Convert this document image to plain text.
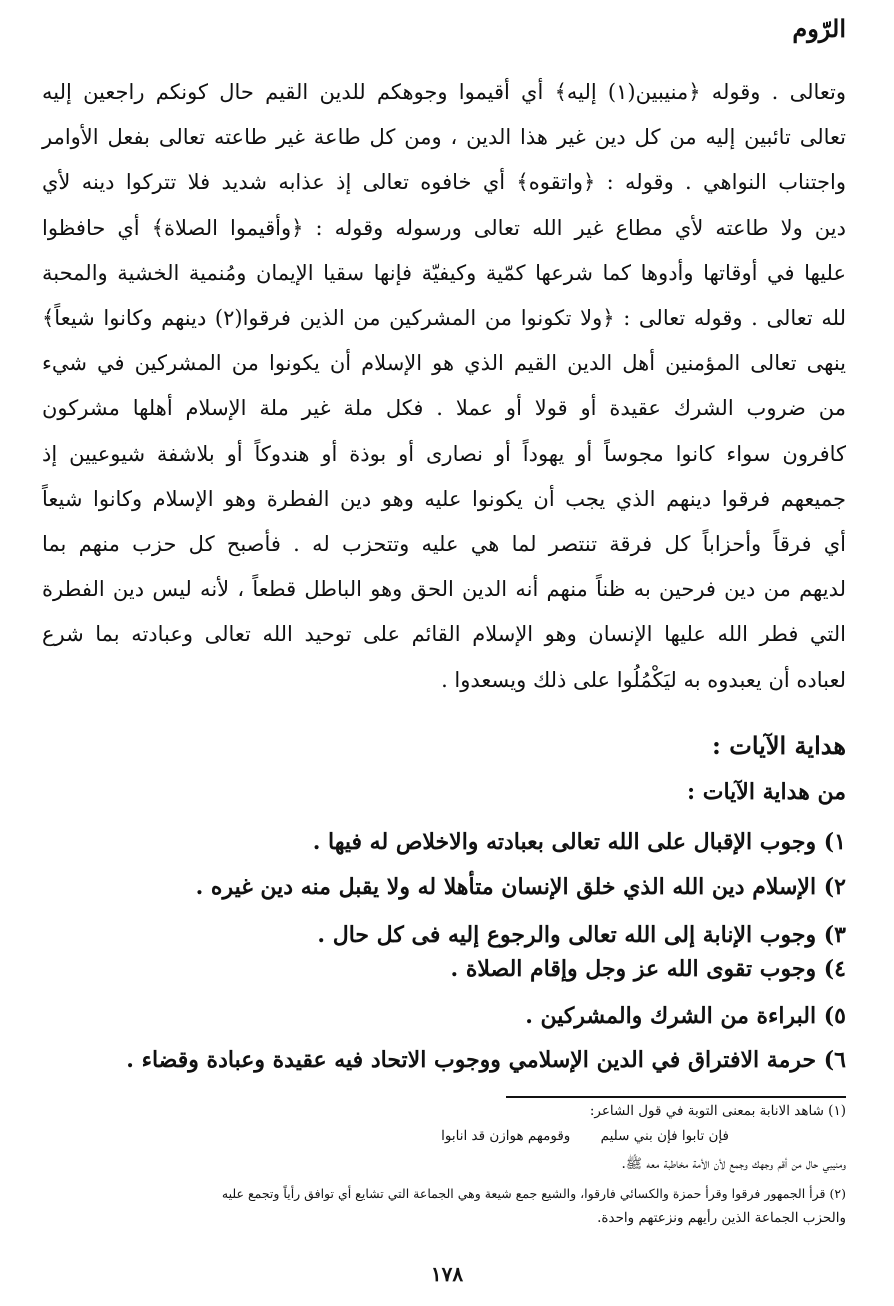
الرّوم
وتعالى . وقوله ﴿منيبين(١) إليه﴾ أي أقيموا وجوهكم للدين القيم حال كونكم راجعين إليه
تعالى تائبين إليه من كل دين غير هذا الدين ، ومن كل طاعة غير طاعته تعالى بفعل الأوامر
واجتناب النواهي . وقوله : ﴿واتقوه﴾ أي خافوه تعالى إذ عذابه شديد فلا تتركوا دينه لأي
دين ولا طاعته لأي مطاع غير الله تعالى ورسوله وقوله : ﴿وأقيموا الصلاة﴾ أي حافظوا
عليها في أوقاتها وأدوها كما شرعها كمّية وكيفيّة فإنها سقيا الإيمان ومُنمية الخشية والمحبة
لله تعالى . وقوله تعالى : ﴿ولا تكونوا من المشركين من الذين فرقوا(٢) دينهم وكانوا شيعاً﴾
ينهى تعالى المؤمنين أهل الدين القيم الذي هو الإسلام أن يكونوا من المشركين في شيء
من ضروب الشرك عقيدة أو قولا أو عملا . فكل ملة غير ملة الإسلام أهلها مشركون
كافرون سواء كانوا مجوساً أو يهوداً أو نصارى أو بوذة أو هندوكاً أو بلاشفة شيوعيين إذ
جميعهم فرقوا دينهم الذي يجب أن يكونوا عليه وهو دين الفطرة وهو الإسلام وكانوا شيعاً
أي فرقاً وأحزاباً كل فرقة تنتصر لما هي عليه وتتحزب له . فأصبح كل حزب منهم بما
لديهم من دين فرحين به ظناً منهم أنه الدين الحق وهو الباطل قطعاً ، لأنه ليس دين الفطرة
التي فطر الله عليها الإنسان وهو الإسلام القائم على توحيد الله تعالى وعبادته بما شرع
لعباده أن يعبدوه به ليَكْمُلُوا على ذلك ويسعدوا .
هداية الآيات :
من هداية الآيات :
١) وجوب الإقبال على الله تعالى بعبادته والاخلاص له فيها .
٢) الإسلام دين الله الذي خلق الإنسان متأهلا له ولا يقبل منه دين غيره .
٣) وجوب الإنابة إلى الله تعالى والرجوع إليه فى كل حال .
٤) وجوب تقوى الله عز وجل وإقام الصلاة .
٥) البراءة من الشرك والمشركين .
٦) حرمة الافتراق في الدين الإسلامي ووجوب الاتحاد فيه عقيدة وعبادة وقضاء .
(١) شاهد الانابة بمعنى التوبة في قول الشاعر:
فإن تابوا فإن بني سليم وقومهم هوازن قد انابوا
ومنيبي حال من أقم وجهك وجمع لأن الأمة مخاطبة معه ﷺ.
(٢) قرأ الجمهور فرقوا وقرأ حمزة والكسائي فارقوا، والشيع جمع شيعة وهي الجماعة التي تشايع أي توافق رأياً وتجمع عليه
والحزب الجماعة الذين رأيهم ونزعتهم واحدة.
١٧٨
